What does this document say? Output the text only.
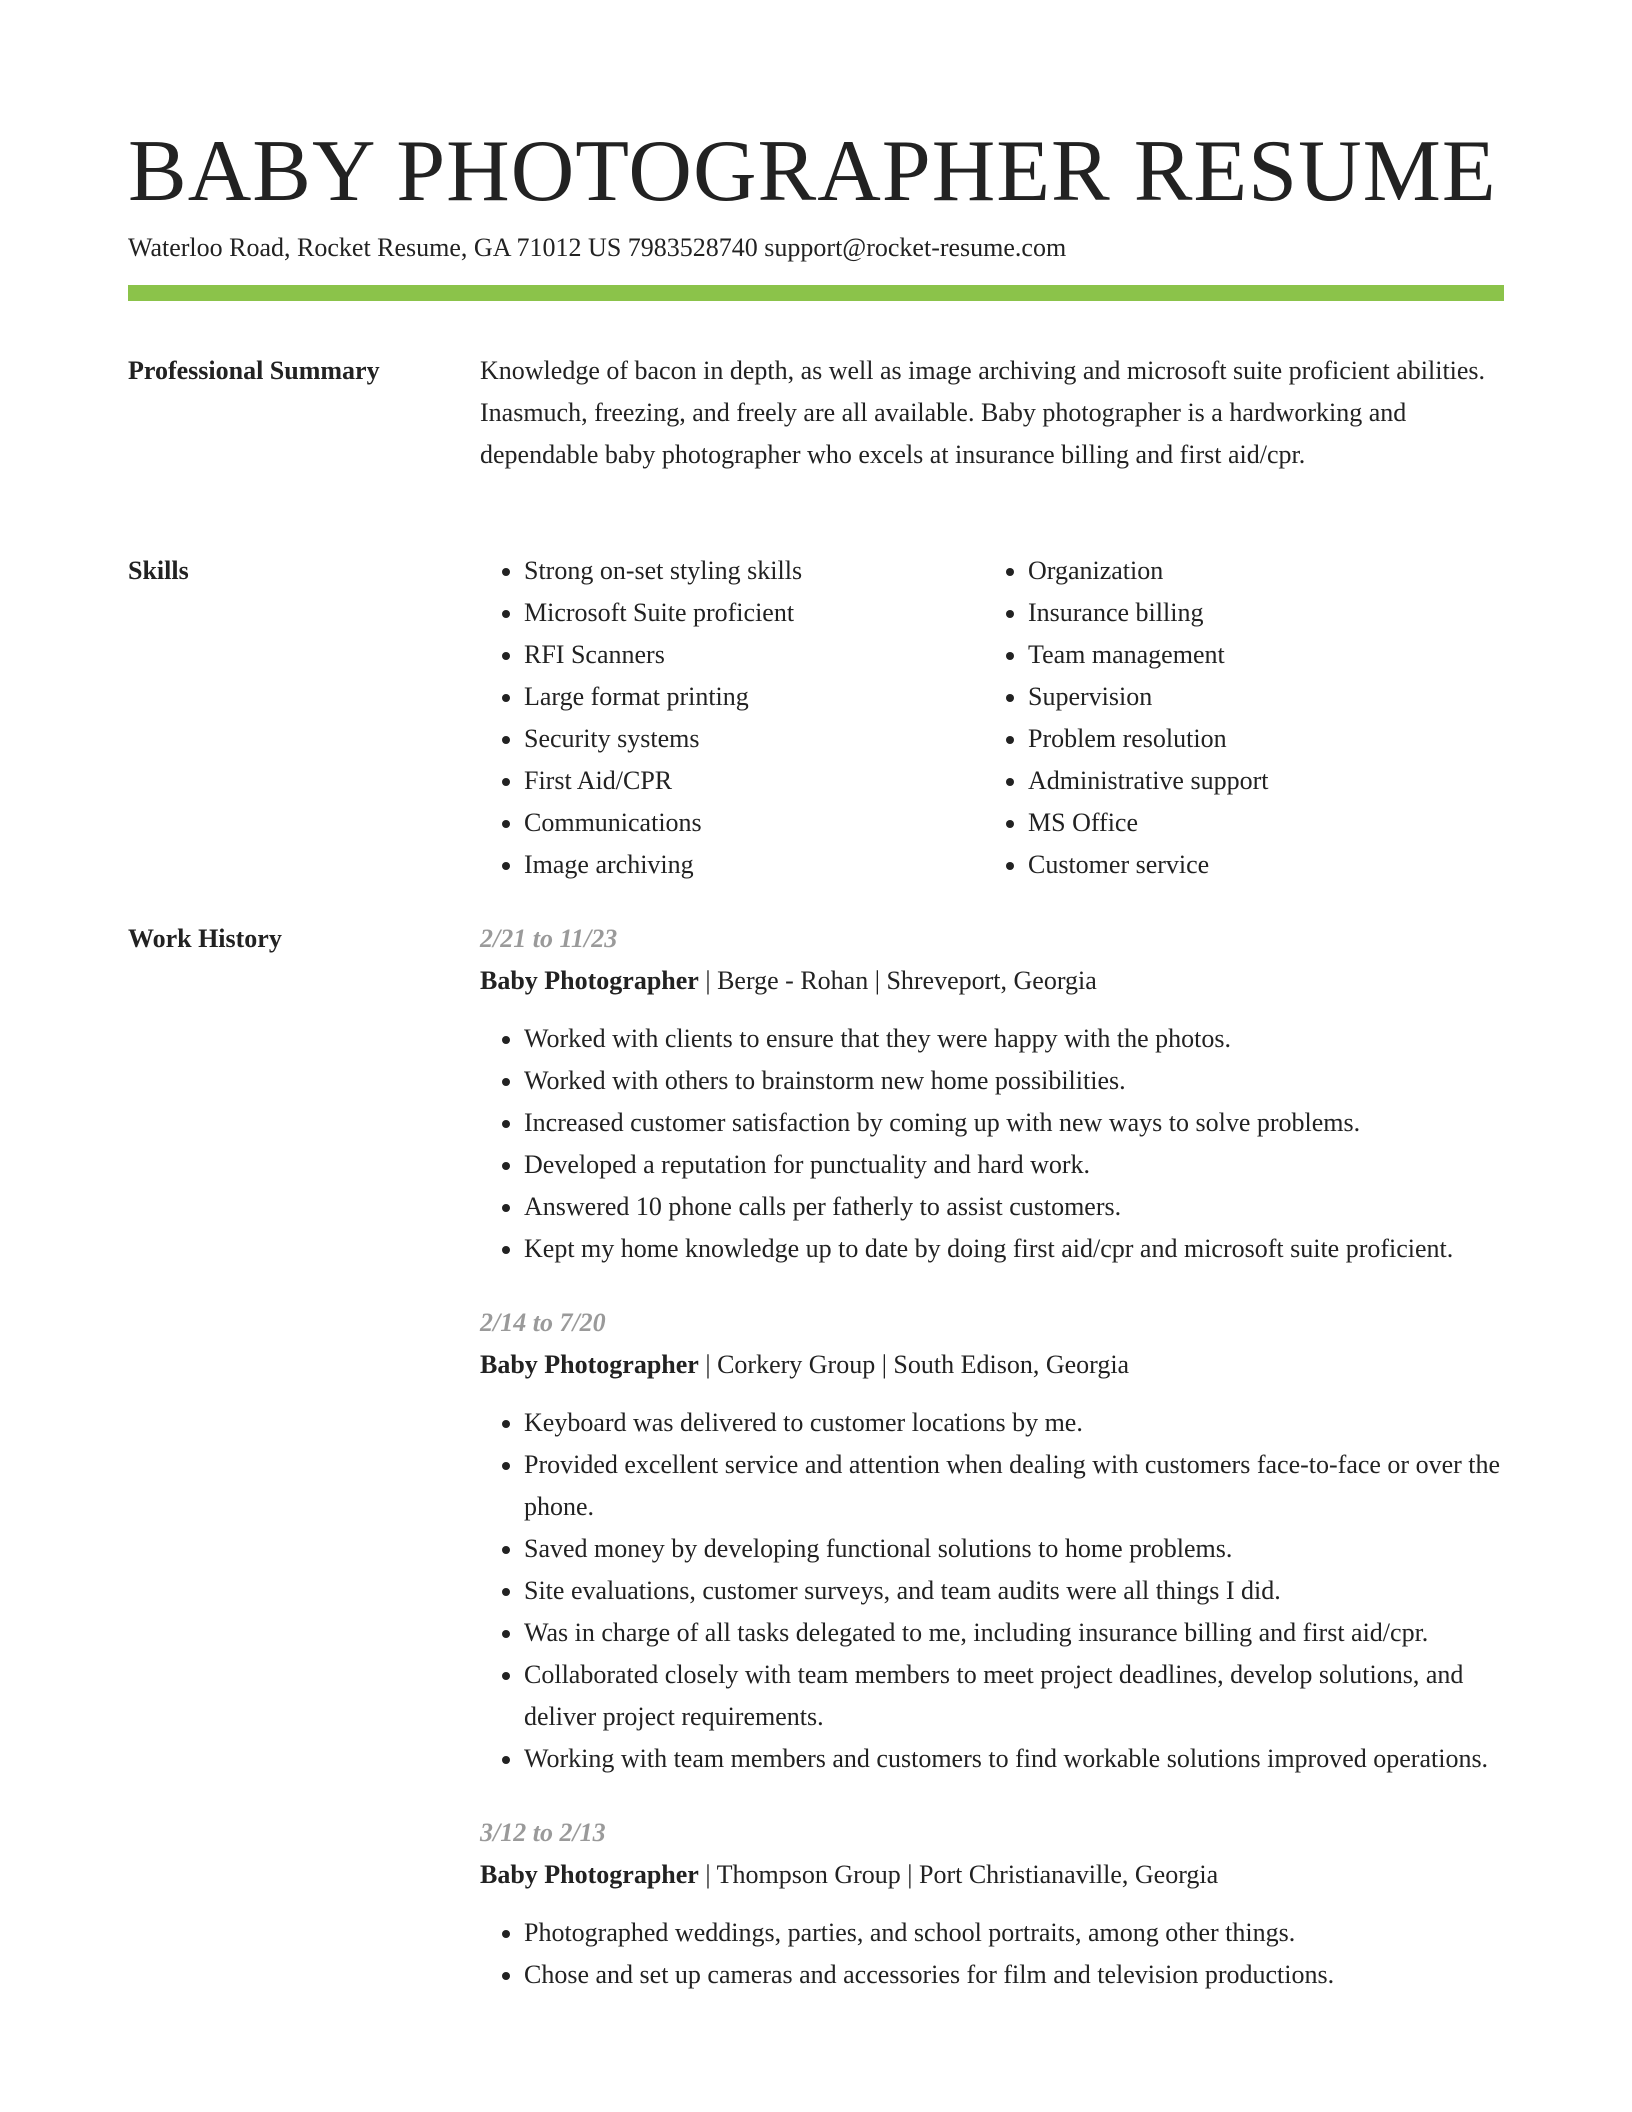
BABY PHOTOGRAPHER RESUME
Waterloo Road, Rocket Resume, GA 71012 US 7983528740 support@rocket-resume.com
Professional Summary	Knowledge of bacon in depth, as well as image archiving and microsoft suite proficient abilities. Inasmuch, freezing, and freely are all available. Baby photographer is a hardworking and dependable baby photographer who excels at insurance billing and first aid/cpr.

Skills
•	Strong on-set styling skills
• Microsoft Suite proficient
• RFI Scanners
• Large format printing
• Security systems
• First Aid/CPR
• Communications
• Image archiving
• Organization
• Insurance billing
• Team management
• Supervision
• Problem resolution
• Administrative support
• MS Office
• Customer service
Work History	2/21 to 11/23
Baby Photographer | Berge - Rohan | Shreveport, Georgia
• Worked with clients to ensure that they were happy with the photos.
• Worked with others to brainstorm new home possibilities.
• Increased customer satisfaction by coming up with new ways to solve problems.
• Developed a reputation for punctuality and hard work.
• Answered 10 phone calls per fatherly to assist customers.
• Kept my home knowledge up to date by doing first aid/cpr and microsoft suite proficient.
2/14 to 7/20
Baby Photographer | Corkery Group | South Edison, Georgia
• Keyboard was delivered to customer locations by me.
• Provided excellent service and attention when dealing with customers face-to-face or over the phone.
• Saved money by developing functional solutions to home problems.
• Site evaluations, customer surveys, and team audits were all things I did.
• Was in charge of all tasks delegated to me, including insurance billing and first aid/cpr.
• Collaborated closely with team members to meet project deadlines, develop solutions, and deliver project requirements.
• Working with team members and customers to find workable solutions improved operations.
3/12 to 2/13
Baby Photographer | Thompson Group | Port Christianaville, Georgia
• Photographed weddings, parties, and school portraits, among other things.
• Chose and set up cameras and accessories for film and television productions.
